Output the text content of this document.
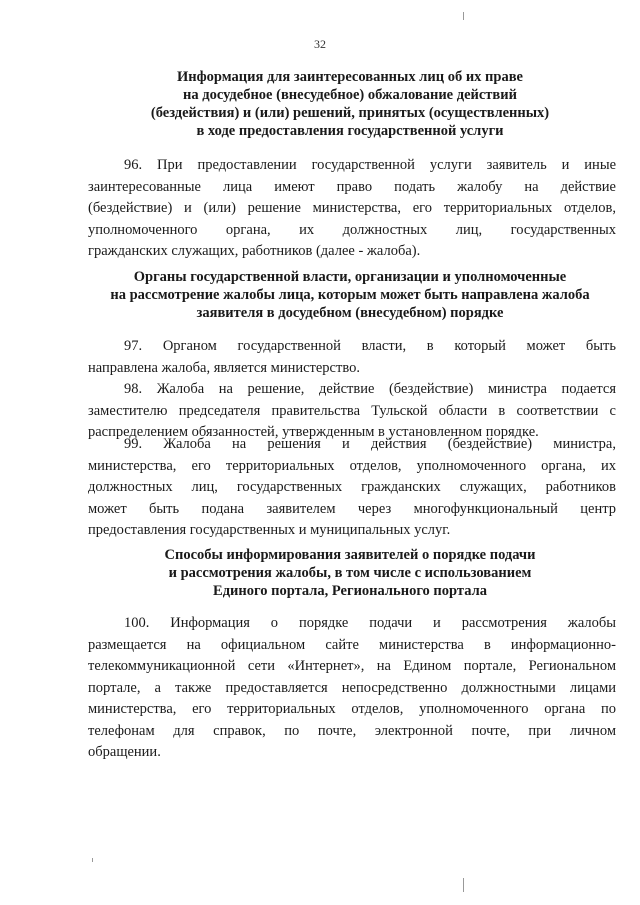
32
Информация для заинтересованных лиц об их праве
на досудебное (внесудебное) обжалование действий
(бездействия) и (или) решений, принятых (осуществленных)
в ходе предоставления государственной услуги
96. При предоставлении государственной услуги заявитель и иные
заинтересованные лица имеют право подать жалобу на действие
(бездействие) и (или) решение министерства, его территориальных отделов,
уполномоченного органа, их должностных лиц, государственных
гражданских служащих, работников (далее - жалоба).
Органы государственной власти, организации и уполномоченные
на рассмотрение жалобы лица, которым может быть направлена жалоба
заявителя в досудебном (внесудебном) порядке
97. Органом государственной власти, в который может быть
направлена жалоба, является министерство.
98. Жалоба на решение, действие (бездействие) министра подается
заместителю председателя правительства Тульской области в соответствии с
распределением обязанностей, утвержденным в установленном порядке.
99. Жалоба на решения и действия (бездействие) министра,
министерства, его территориальных отделов, уполномоченного органа, их
должностных лиц, государственных гражданских служащих, работников
может быть подана заявителем через многофункциональный центр
предоставления государственных и муниципальных услуг.
Способы информирования заявителей о порядке подачи
и рассмотрения жалобы, в том числе с использованием
Единого портала, Регионального портала
100. Информация о порядке подачи и рассмотрения жалобы
размещается на официальном сайте министерства в информационно-
телекоммуникационной сети «Интернет», на Едином портале, Региональном
портале, а также предоставляется непосредственно должностными лицами
министерства, его территориальных отделов, уполномоченного органа по
телефонам для справок, по почте, электронной почте, при личном
обращении.
